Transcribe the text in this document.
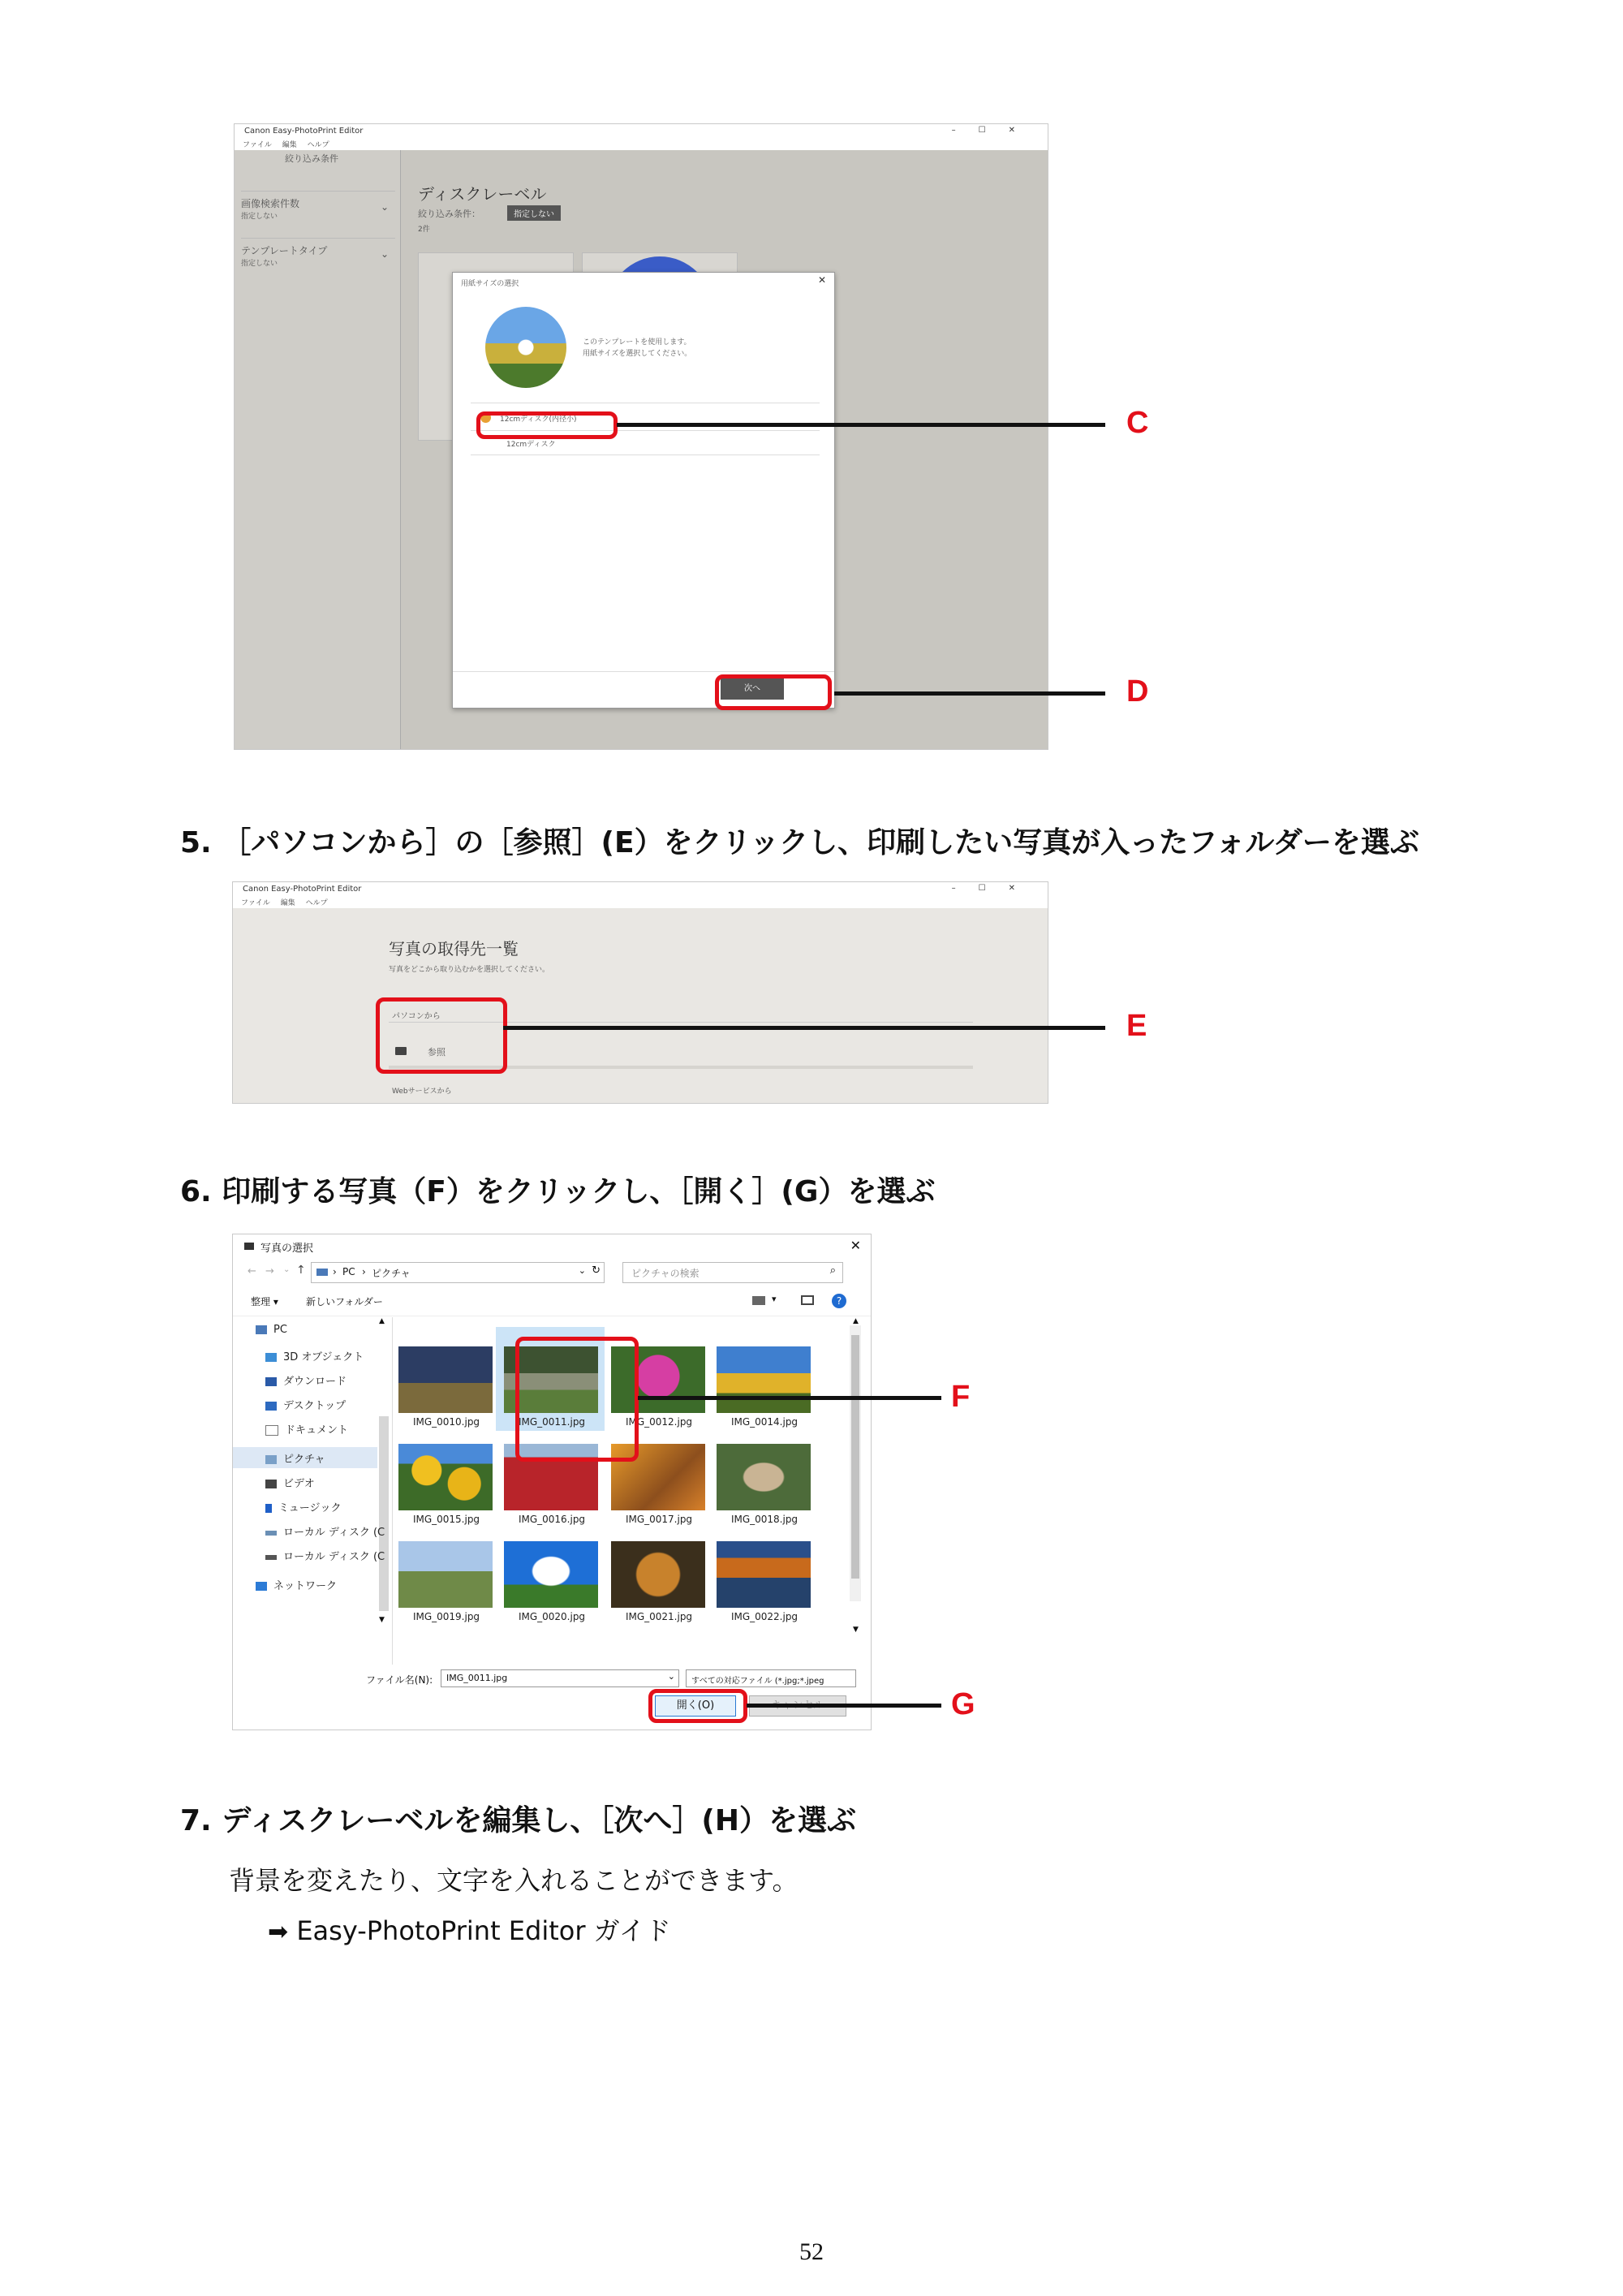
Canon Easy-PhotoPrint Editor	–☐✕
ファイル 編集 ヘルプ
絞り込み条件
画像検索件数
指定しない
⌄
テンプレートタイプ
指定しない
⌄
ディスクレーベル
絞り込み条件：	指定しない
2件
用紙サイズの選択	✕
このテンプレートを使用します。
用紙サイズを選択してください。
12cmディスク(内径小)
12cmディスク
次へ
C
D
5. ［パソコンから］の［参照］(E）をクリックし、印刷したい写真が入ったフォルダーを選ぶ
Canon Easy-PhotoPrint Editor	–☐✕
ファイル 編集 ヘルプ
写真の取得先一覧
写真をどこから取り込むかを選択してください。
パソコンから
参照
Webサービスから
E
6. 印刷する写真（F）をクリックし、［開く］(G）を選ぶ
写真の選択	✕
← → ⌄ ↑	› PC › ピクチャ	⌄ ↻	ピクチャの検索	⌕
整理 ▾	新しいフォルダー	▾	?
▲
▼
PC
3D オブジェクト
ダウンロード
デスクトップ
ドキュメント
ピクチャ
ビデオ
ミュージック
ローカル ディスク (C
ローカル ディスク (C
ネットワーク
▲
▼
IMG_0010.jpg	IMG_0011.jpg	IMG_0012.jpg	IMG_0014.jpg
IMG_0015.jpg	IMG_0016.jpg	IMG_0017.jpg	IMG_0018.jpg
IMG_0019.jpg	IMG_0020.jpg	IMG_0021.jpg	IMG_0022.jpg
ファイル名(N): IMG_0011.jpg	⌄ すべての対応ファイル (*.jpg;*.jpeg
開く(O)
F
G
7. ディスクレーベルを編集し、［次へ］(H）を選ぶ
背景を変えたり、文字を入れることができます。
➡ Easy-PhotoPrint Editor ガイド
52
